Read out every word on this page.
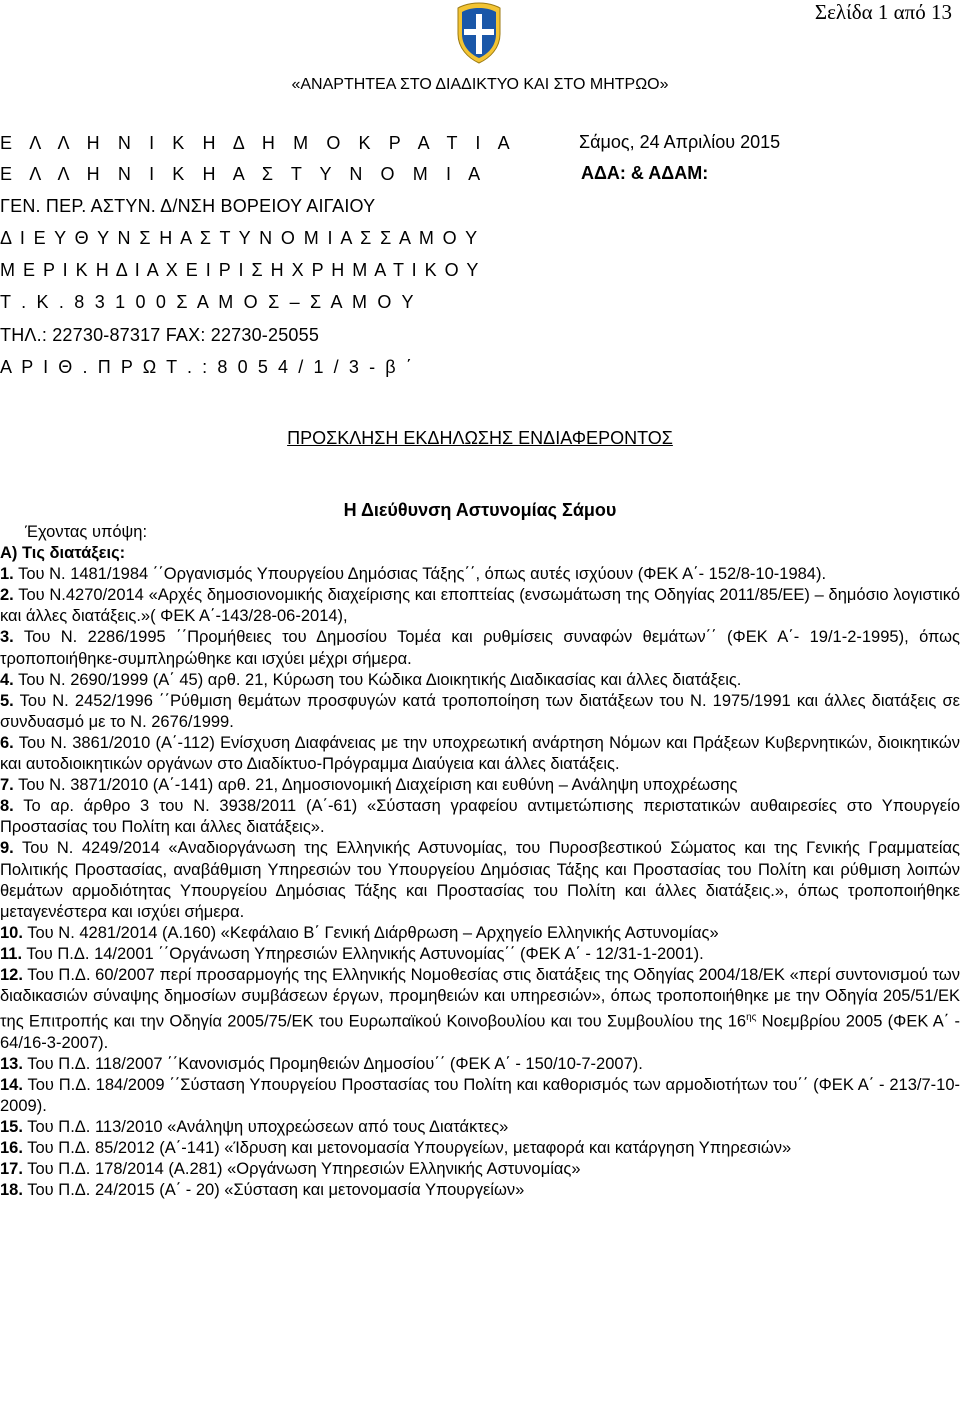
Σελίδα 1 από 13
«ΑΝΑΡΤΗΤΕΑ ΣΤΟ ΔΙΑΔΙΚΤΥΟ ΚΑΙ ΣΤΟ ΜΗΤΡΩΟ»
Ε Λ Λ Η Ν Ι Κ Η Δ Η Μ Ο Κ Ρ Α Τ Ι Α
Ε Λ Λ Η Ν Ι Κ Η Α Σ Τ Υ Ν Ο Μ Ι Α
ΓΕΝ. ΠΕΡ. ΑΣΤΥΝ. Δ/ΝΣΗ ΒΟΡΕΙΟΥ ΑΙΓΑΙΟΥ
Δ Ι Ε Υ Θ Υ Ν Σ Η Α Σ Τ Υ Ν Ο Μ Ι Α Σ Σ Α Μ Ο Υ
Μ Ε Ρ Ι Κ Η Δ Ι Α Χ Ε Ι Ρ Ι Σ Η Χ Ρ Η Μ Α Τ Ι Κ Ο Υ
Τ . Κ . 8 3 1 0 0 Σ Α Μ Ο Σ – Σ Α Μ Ο Υ
ΤΗΛ.: 22730-87317 FAX: 22730-25055
Α Ρ Ι Θ . Π Ρ Ω Τ . : 8 0 5 4 / 1 / 3 - β ΄
Σάμος, 24 Απριλίου 2015
ΑΔΑ: & ΑΔΑΜ:
ΠΡΟΣΚΛΗΣΗ ΕΚΔΗΛΩΣΗΣ ΕΝΔΙΑΦΕΡΟΝΤΟΣ
Η Διεύθυνση Αστυνομίας Σάμου

Έχοντας υπόψη:

Α) Τις διατάξεις:

1. Του Ν. 1481/1984 ΄΄Οργανισμός Υπουργείου Δημόσιας Τάξης΄΄, όπως αυτές ισχύουν (ΦΕΚ Α΄- 152/8-10-1984).

2. Του Ν.4270/2014 «Αρχές δημοσιονομικής διαχείρισης και εποπτείας (ενσωμάτωση της Οδηγίας 2011/85/ΕΕ) – δημόσιο λογιστικό και άλλες διατάξεις.»( ΦΕΚ Α΄-143/28-06-2014),

3. Του Ν. 2286/1995 ΄΄Προμήθειες του Δημοσίου Τομέα και ρυθμίσεις συναφών θεμάτων΄΄ (ΦΕΚ Α΄- 19/1-2-1995), όπως τροποποιήθηκε-συμπληρώθηκε και ισχύει μέχρι σήμερα.

4. Του Ν. 2690/1999 (Α΄ 45) αρθ. 21, Κύρωση του Κώδικα Διοικητικής Διαδικασίας και άλλες διατάξεις.

5. Του Ν. 2452/1996 ΄΄Ρύθμιση θεμάτων προσφυγών κατά τροποποίηση των διατάξεων του Ν. 1975/1991 και άλλες διατάξεις σε συνδυασμό με το Ν. 2676/1999.

6. Του Ν. 3861/2010 (Α΄-112) Ενίσχυση Διαφάνειας με την υποχρεωτική ανάρτηση Νόμων και Πράξεων Κυβερνητικών, διοικητικών και αυτοδιοικητικών οργάνων στο Διαδίκτυο-Πρόγραμμα Διαύγεια και άλλες διατάξεις.

7. Του Ν. 3871/2010 (Α΄-141) αρθ. 21, Δημοσιονομική Διαχείριση και ευθύνη – Ανάληψη υποχρέωσης

8. Το αρ. άρθρο 3 του Ν. 3938/2011 (Α΄-61) «Σύσταση γραφείου αντιμετώπισης περιστατικών αυθαιρεσίες στο Υπουργείο Προστασίας του Πολίτη και άλλες διατάξεις».

9. Του Ν. 4249/2014 «Αναδιοργάνωση της Ελληνικής Αστυνομίας, του Πυροσβεστικού Σώματος και της Γενικής Γραμματείας Πολιτικής Προστασίας, αναβάθμιση Υπηρεσιών του Υπουργείου Δημόσιας Τάξης και Προστασίας του Πολίτη και ρύθμιση λοιπών θεμάτων αρμοδιότητας Υπουργείου Δημόσιας Τάξης και Προστασίας του Πολίτη και άλλες διατάξεις.», όπως τροποποιήθηκε μεταγενέστερα και ισχύει σήμερα.

10. Του Ν. 4281/2014 (Α.160) «Κεφάλαιο Β΄ Γενική Διάρθρωση – Αρχηγείο Ελληνικής Αστυνομίας»

11. Του Π.Δ. 14/2001 ΄΄Οργάνωση Υπηρεσιών Ελληνικής Αστυνομίας΄΄ (ΦΕΚ Α΄ - 12/31-1-2001).

12. Του Π.Δ. 60/2007 περί προσαρμογής της Ελληνικής Νομοθεσίας στις διατάξεις της Οδηγίας 2004/18/ΕΚ «περί συντονισμού των διαδικασιών σύναψης δημοσίων συμβάσεων έργων, προμηθειών και υπηρεσιών», όπως τροποποιήθηκε με την Οδηγία 205/51/ΕΚ της Επιτροπής και την Οδηγία 2005/75/ΕΚ του Ευρωπαϊκού Κοινοβουλίου και του Συμβουλίου της $16^{\eta\varsigma}$ Νοεμβρίου 2005 (ΦΕΚ Α΄ - 64/16-3-2007).

13. Του Π.Δ. 118/2007 ΄΄Κανονισμός Προμηθειών Δημοσίου΄΄ (ΦΕΚ Α΄ - 150/10-7-2007).

14. Του Π.Δ. 184/2009 ΄΄Σύσταση Υπουργείου Προστασίας του Πολίτη και καθορισμός των αρμοδιοτήτων του΄΄ (ΦΕΚ Α΄ - 213/7-10-2009).

15. Του Π.Δ. 113/2010 «Ανάληψη υποχρεώσεων από τους Διατάκτες»

16. Του Π.Δ. 85/2012 (Α΄-141) «Ίδρυση και μετονομασία Υπουργείων, μεταφορά και κατάργηση Υπηρεσιών»

17. Του Π.Δ. 178/2014 (Α.281) «Οργάνωση Υπηρεσιών Ελληνικής Αστυνομίας»

18. Του Π.Δ. 24/2015 (Α΄ - 20) «Σύσταση και μετονομασία Υπουργείων»
